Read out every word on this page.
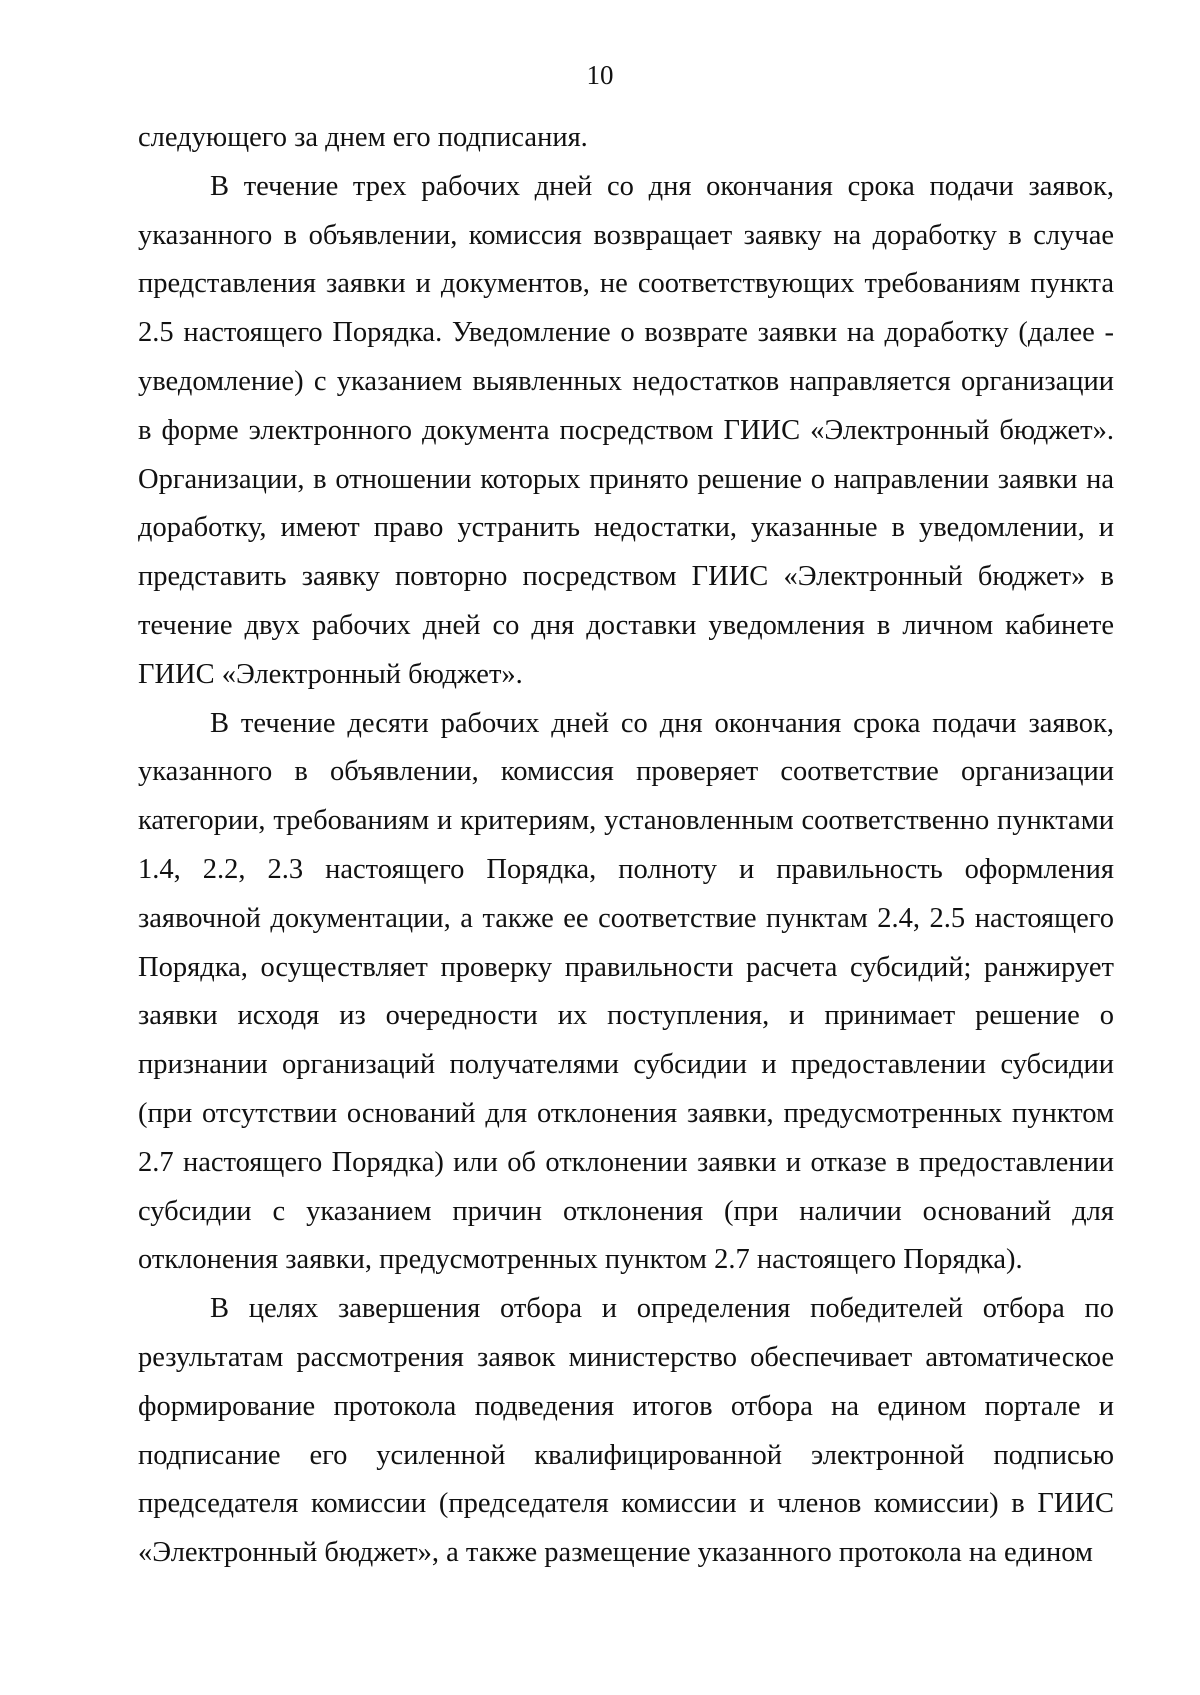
10

следующего за днем его подписания.

В течение трех рабочих дней со дня окончания срока подачи заявок, указанного в объявлении, комиссия возвращает заявку на доработку в случае представления заявки и документов, не соответствующих требованиям пункта 2.5 настоящего Порядка. Уведомление о возврате заявки на доработку (далее - уведомление) с указанием выявленных недостатков направляется организации в форме электронного документа посредством ГИИС «Электронный бюджет». Организации, в отношении которых принято решение о направлении заявки на доработку, имеют право устранить недостатки, указанные в уведомлении, и представить заявку повторно посредством ГИИС «Электронный бюджет» в течение двух рабочих дней со дня доставки уведомления в личном кабинете ГИИС «Электронный бюджет».

В течение десяти рабочих дней со дня окончания срока подачи заявок, указанного в объявлении, комиссия проверяет соответствие организации категории, требованиям и критериям, установленным соответственно пунктами 1.4, 2.2, 2.3 настоящего Порядка, полноту и правильность оформления заявочной документации, а также ее соответствие пунктам 2.4, 2.5 настоящего Порядка, осуществляет проверку правильности расчета субсидий; ранжирует заявки исходя из очередности их поступления, и принимает решение о признании организаций получателями субсидии и предоставлении субсидии (при отсутствии оснований для отклонения заявки, предусмотренных пунктом 2.7 настоящего Порядка) или об отклонении заявки и отказе в предоставлении субсидии с указанием причин отклонения (при наличии оснований для отклонения заявки, предусмотренных пунктом 2.7 настоящего Порядка).

В целях завершения отбора и определения победителей отбора по результатам рассмотрения заявок министерство обеспечивает автоматическое формирование протокола подведения итогов отбора на едином портале и подписание его усиленной квалифицированной электронной подписью председателя комиссии (председателя комиссии и членов комиссии) в ГИИС «Электронный бюджет», а также размещение указанного протокола на едином
